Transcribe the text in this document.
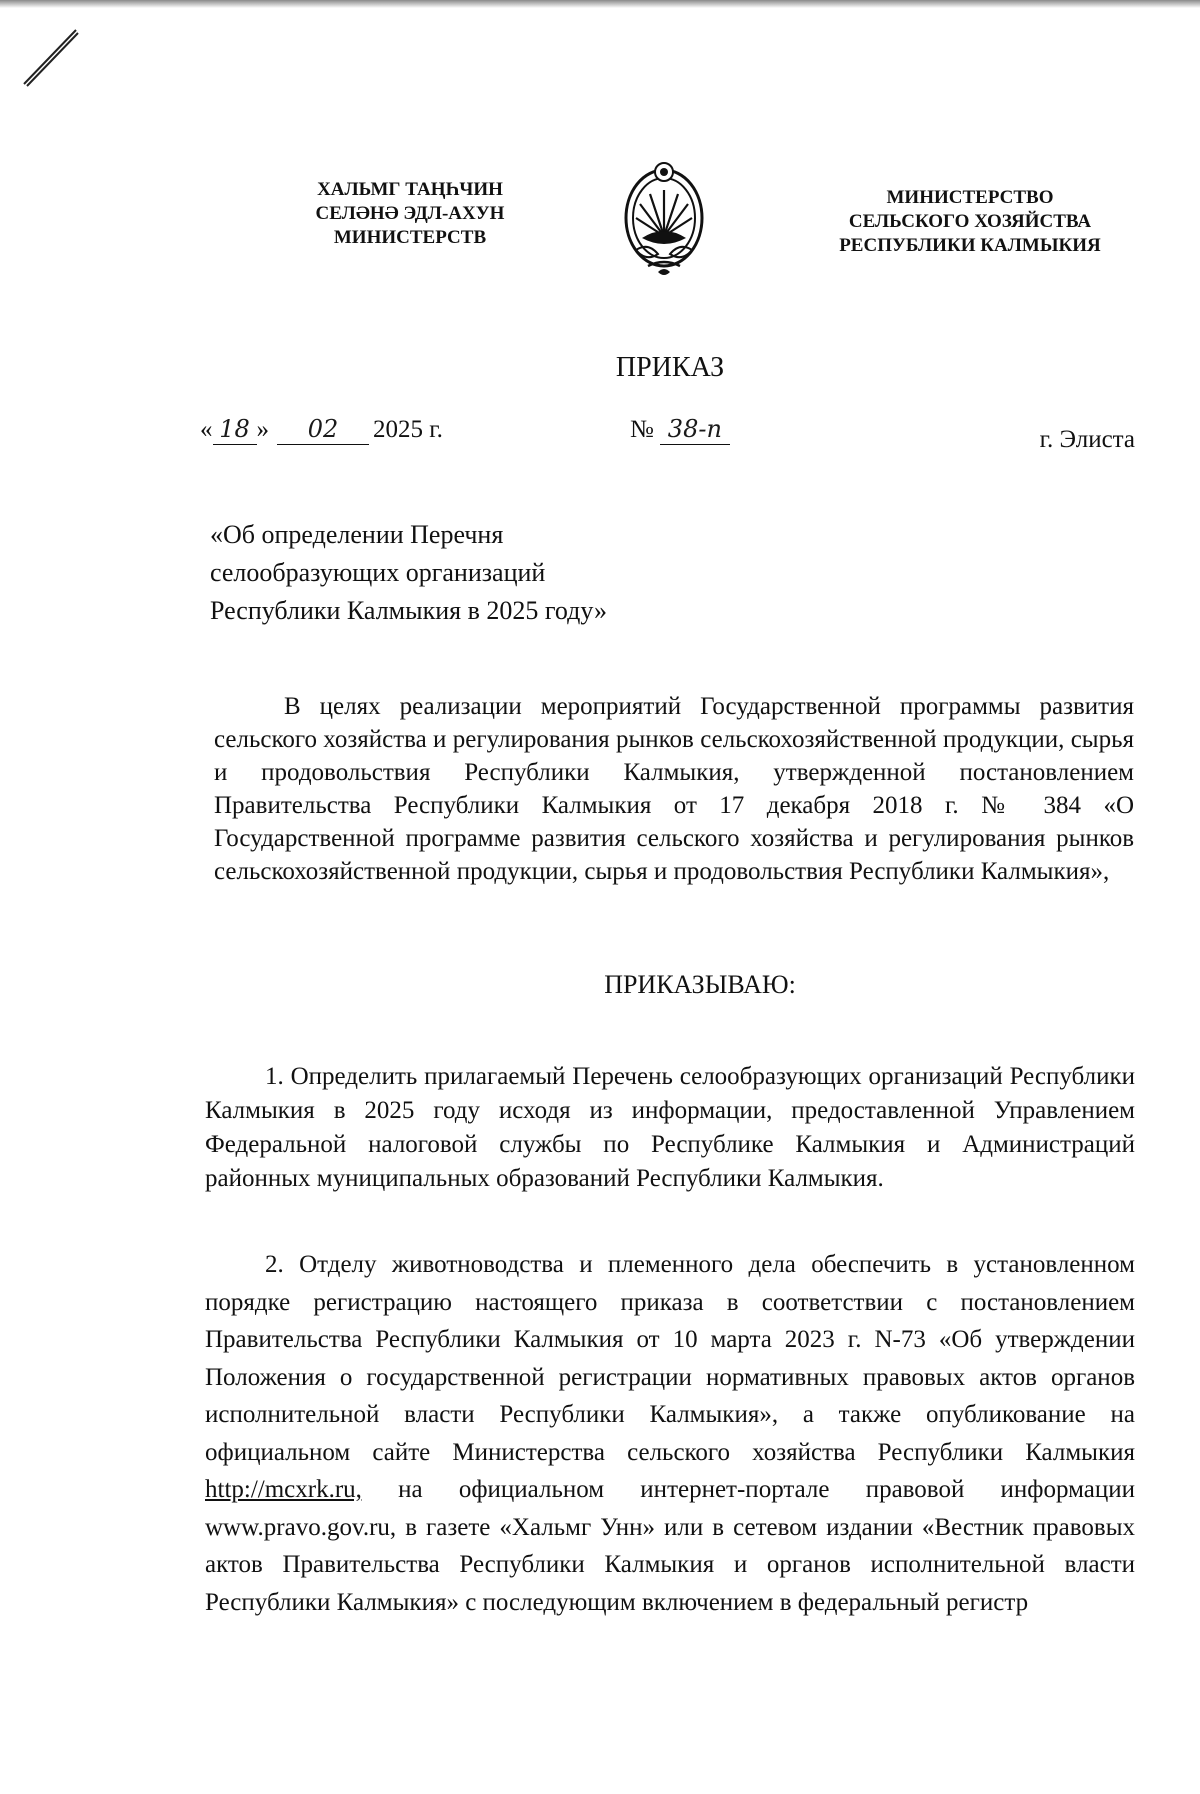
ХАЛЬМГ ТАҢҺЧИН
СЕЛӘНӘ ЭДЛ-АХУН
МИНИСТЕРСТВ
МИНИСТЕРСТВО
СЕЛЬСКОГО ХОЗЯЙСТВА
РЕСПУБЛИКИ КАЛМЫКИЯ
ПРИКАЗ
« 18 » 02 2025 г.	№ 38-п	г. Элиста
«Об определении Перечня
селообразующих организаций
Республики Калмыкия в 2025 году»
В целях реализации мероприятий Государственной программы развития сельского хозяйства и регулирования рынков сельскохозяйственной продукции, сырья и продовольствия Республики Калмыкия, утвержденной постановлением Правительства Республики Калмыкия от 17 декабря 2018 г. № 384 «О Государственной программе развития сельского хозяйства и регулирования рынков сельскохозяйственной продукции, сырья и продовольствия Республики Калмыкия»,
ПРИКАЗЫВАЮ:
1. Определить прилагаемый Перечень селообразующих организаций Республики Калмыкия в 2025 году исходя из информации, предоставленной Управлением Федеральной налоговой службы по Республике Калмыкия и Администраций районных муниципальных образований Республики Калмыкия.
2. Отделу животноводства и племенного дела обеспечить в установленном порядке регистрацию настоящего приказа в соответствии с постановлением Правительства Республики Калмыкия от 10 марта 2023 г. N-73 «Об утверждении Положения о государственной регистрации нормативных правовых актов органов исполнительной власти Республики Калмыкия», а также опубликование на официальном сайте Министерства сельского хозяйства Республики Калмыкия http://mcxrk.ru, на официальном интернет-портале правовой информации www.pravo.gov.ru, в газете «Хальмг Унн» или в сетевом издании «Вестник правовых актов Правительства Республики Калмыкия и органов исполнительной власти Республики Калмыкия» с последующим включением в федеральный регистр
